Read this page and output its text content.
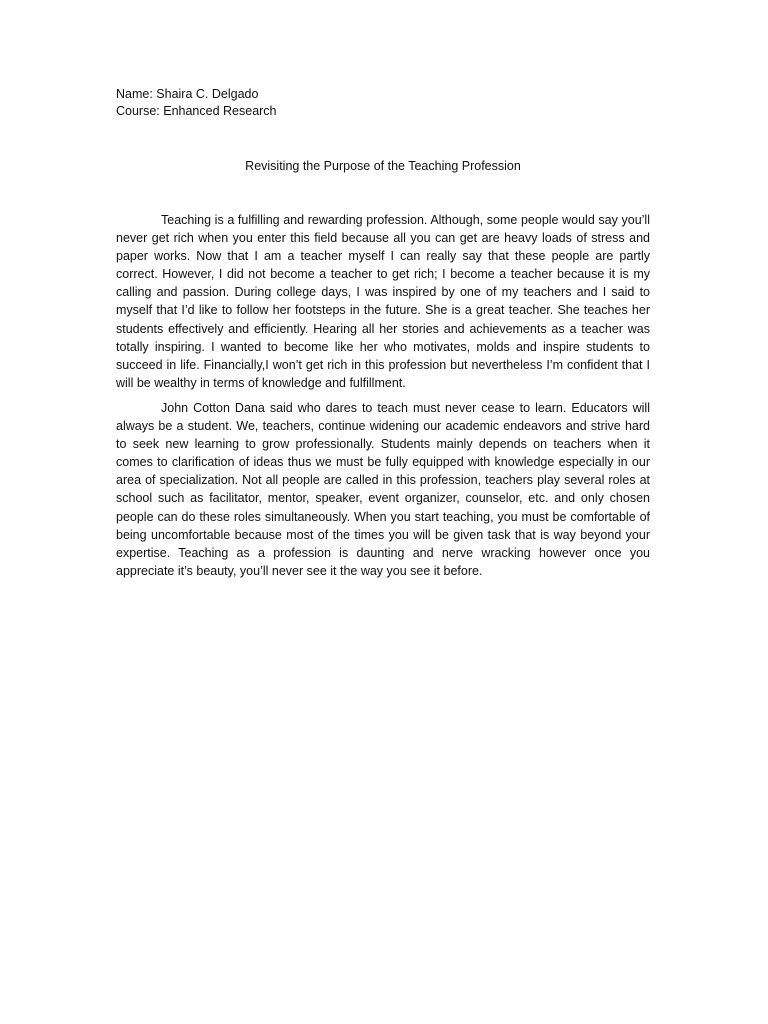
Name: Shaira C. Delgado
Course: Enhanced Research
Revisiting the Purpose of the Teaching Profession

Teaching is a fulfilling and rewarding profession. Although, some people would say you’ll never get rich when you enter this field because all you can get are heavy loads of stress and paper works. Now that I am a teacher myself I can really say that these people are partly correct. However, I did not become a teacher to get rich; I become a teacher because it is my calling and passion. During college days, I was inspired by one of my teachers and I said to myself that I’d like to follow her footsteps in the future. She is a great teacher. She teaches her students effectively and efficiently. Hearing all her stories and achievements as a teacher was totally inspiring. I wanted to become like her who motivates, molds and inspire students to succeed in life. Financially,I won’t get rich in this profession but nevertheless I’m confident that I will be wealthy in terms of knowledge and fulfillment.

John Cotton Dana said who dares to teach must never cease to learn. Educators will always be a student. We, teachers, continue widening our academic endeavors and strive hard to seek new learning to grow professionally. Students mainly depends on teachers when it comes to clarification of ideas thus we must be fully equipped with knowledge especially in our area of specialization. Not all people are called in this profession, teachers play several roles at school such as facilitator, mentor, speaker, event organizer, counselor, etc. and only chosen people can do these roles simultaneously. When you start teaching, you must be comfortable of being uncomfortable because most of the times you will be given task that is way beyond your expertise. Teaching as a profession is daunting and nerve wracking however once you appreciate it’s beauty, you’ll never see it the way you see it before.
